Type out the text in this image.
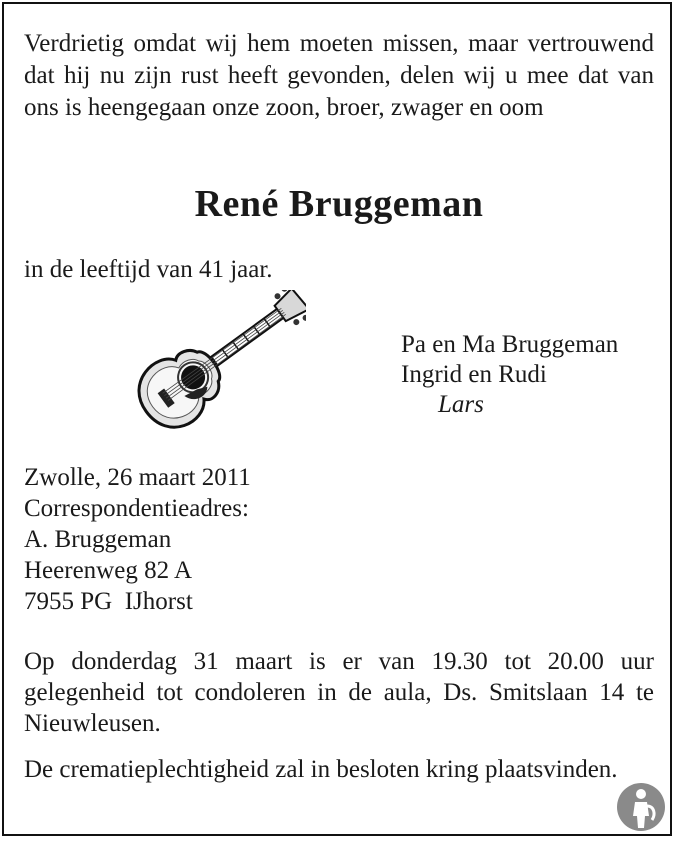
Verdrietig omdat wij hem moeten missen, maar vertrouwend dat hij nu zijn rust heeft gevonden, delen wij u mee dat van ons is heengegaan onze zoon, broer, zwager en oom
René Bruggeman
in de leeftijd van 41 jaar.
Pa en Ma Bruggeman
Ingrid en Rudi
Lars
Zwolle, 26 maart 2011
Correspondentieadres:
A. Bruggeman
Heerenweg 82 A
7955 PG  IJhorst
Op donderdag 31 maart is er van 19.30 tot 20.00 uur gelegenheid tot condoleren in de aula, Ds. Smitslaan 14 te Nieuwleusen.
De crematieplechtigheid zal in besloten kring plaatsvinden.
